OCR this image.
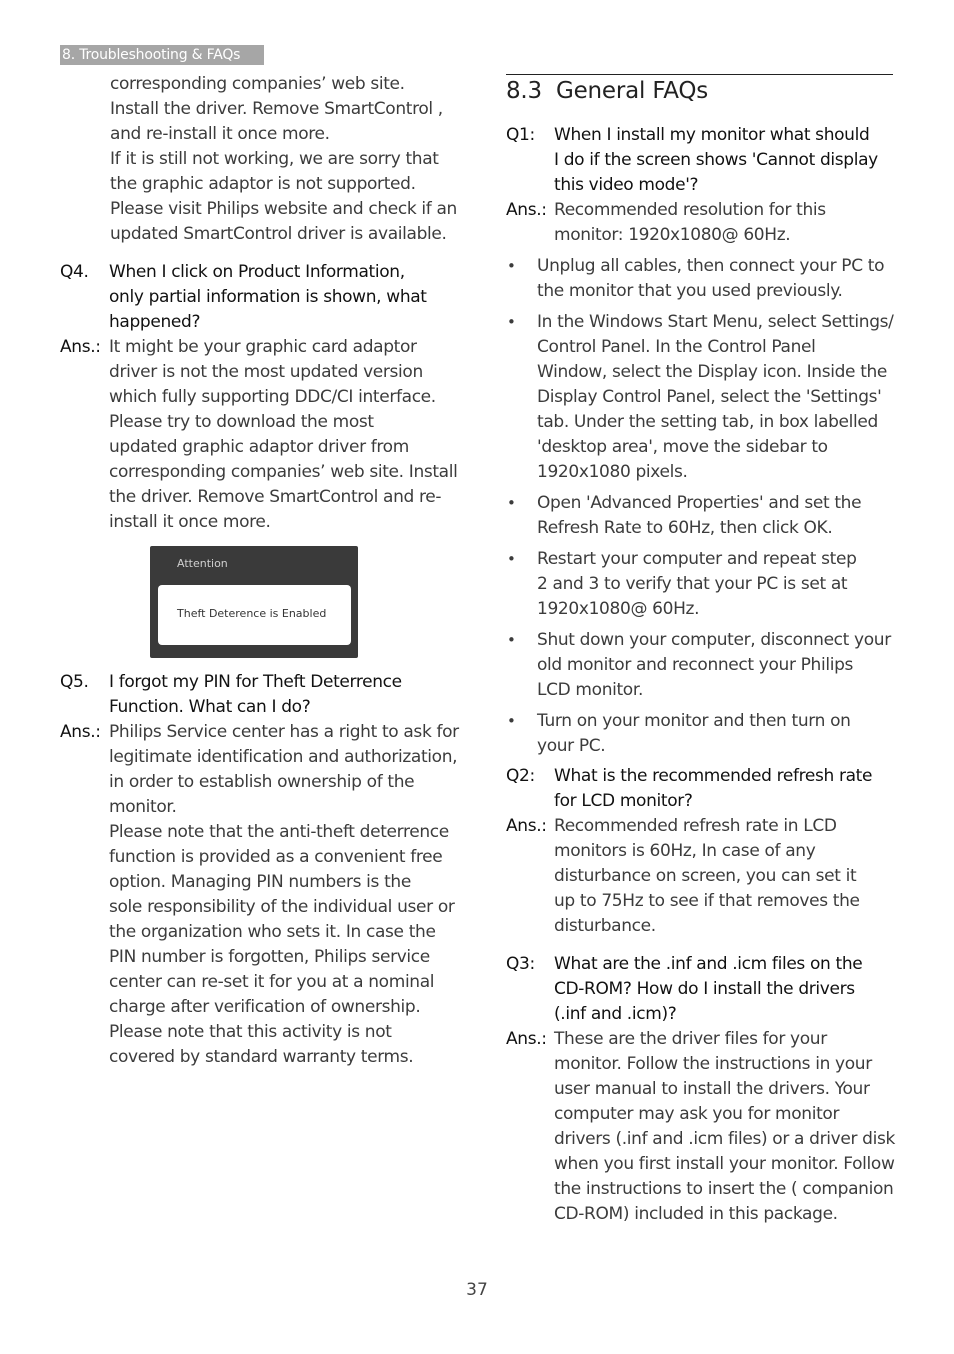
8. Troubleshooting & FAQs
corresponding companies’ web site.
Install the driver. Remove SmartControl ,
and re-install it once more.
If it is still not working, we are sorry that
the graphic adaptor is not supported.
Please visit Philips website and check if an
updated SmartControl driver is available.
Q4.	When I click on Product Information,
only partial information is shown, what
happened?
Ans.: It might be your graphic card adaptor
driver is not the most updated version
which fully supporting DDC/CI interface.
Please try to download the most
updated graphic adaptor driver from
corresponding companies’ web site. Install
the driver. Remove SmartControl and re-
install it once more.
Q5.	I forgot my PIN for Theft Deterrence
Function. What can I do?
Ans.: Philips Service center has a right to ask for
legitimate identification and authorization,
in order to establish ownership of the
monitor.
Please note that the anti-theft deterrence
function is provided as a convenient free
option. Managing PIN numbers is the
sole responsibility of the individual user or
the organization who sets it. In case the
PIN number is forgotten, Philips service
center can re-set it for you at a nominal
charge after verification of ownership.
Please note that this activity is not
covered by standard warranty terms.
Attention
Theft Deterence is Enabled
8.3 General FAQs
Q1:	When I install my monitor what should
I do if the screen shows 'Cannot display
this video mode'?
Ans.: Recommended resolution for this
monitor: 1920x1080@ 60Hz.
Q2:	What is the recommended refresh rate
for LCD monitor?
Ans.: Recommended refresh rate in LCD
monitors is 60Hz, In case of any
disturbance on screen, you can set it
up to 75Hz to see if that removes the
disturbance.
Q3:	What are the .inf and .icm files on the
CD-ROM? How do I install the drivers
(.inf and .icm)?
Ans.: These are the driver files for your
monitor. Follow the instructions in your
user manual to install the drivers. Your
computer may ask you for monitor
drivers (.inf and .icm files) or a driver disk
when you first install your monitor. Follow
the instructions to insert the ( companion
CD-ROM) included in this package.
• Unplug all cables, then connect your PC to
the monitor that you used previously.
• In the Windows Start Menu, select Settings/
Control Panel. In the Control Panel
Window, select the Display icon. Inside the
Display Control Panel, select the 'Settings'
tab. Under the setting tab, in box labelled
'desktop area', move the sidebar to
1920x1080 pixels.
• Open 'Advanced Properties' and set the
Refresh Rate to 60Hz, then click OK.
• Restart your computer and repeat step
2 and 3 to verify that your PC is set at
1920x1080@ 60Hz.
• Shut down your computer, disconnect your
old monitor and reconnect your Philips
LCD monitor.
• Turn on your monitor and then turn on
your PC.
37
